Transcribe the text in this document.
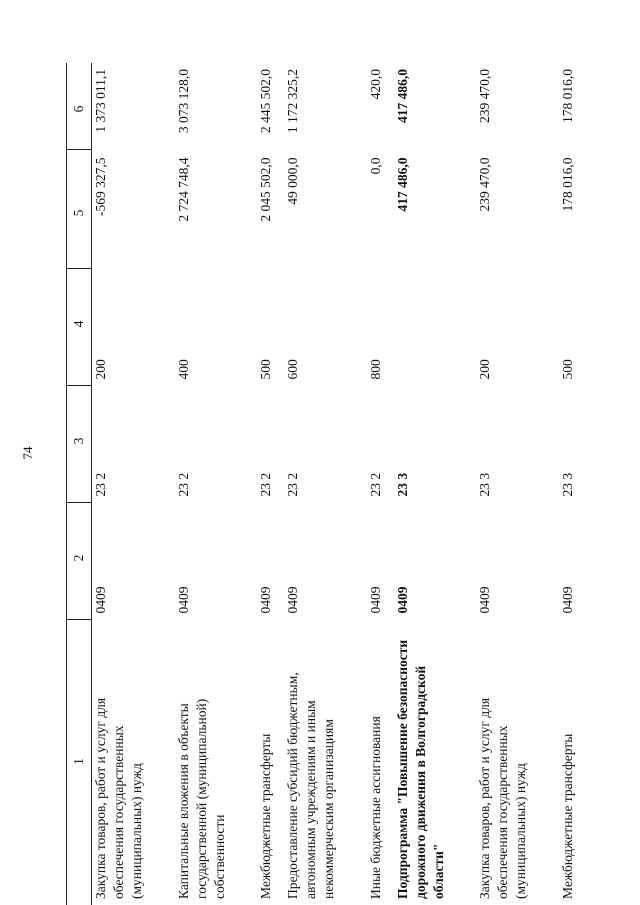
74
1	2	3	4	5	6
Закупка товаров, работ и услуг для обеспечения государственных (муниципальных) нужд	0409	23 2	200	-569 327,5	1 373 011,1
Капитальные вложения в объекты государственной (муниципальной) собственности	0409	23 2	400	2 724 748,4	3 073 128,0
Межбюджетные трансферты	0409	23 2	500	2 045 502,0	2 445 502,0
Предоставление субсидий бюджетным, автономным учреждениям и иным некоммерческим организациям	0409	23 2	600	49 000,0	1 172 325,2
Иные бюджетные ассигнования	0409	23 2	800	0,0	420,0
Подпрограмма "Повышение безопасности дорожного движения в Волгоградской области"	0409	23 3		417 486,0	417 486,0
Закупка товаров, работ и услуг для обеспечения государственных (муниципальных) нужд	0409	23 3	200	239 470,0	239 470,0
Межбюджетные трансферты	0409	23 3	500	178 016,0	178 016,0
